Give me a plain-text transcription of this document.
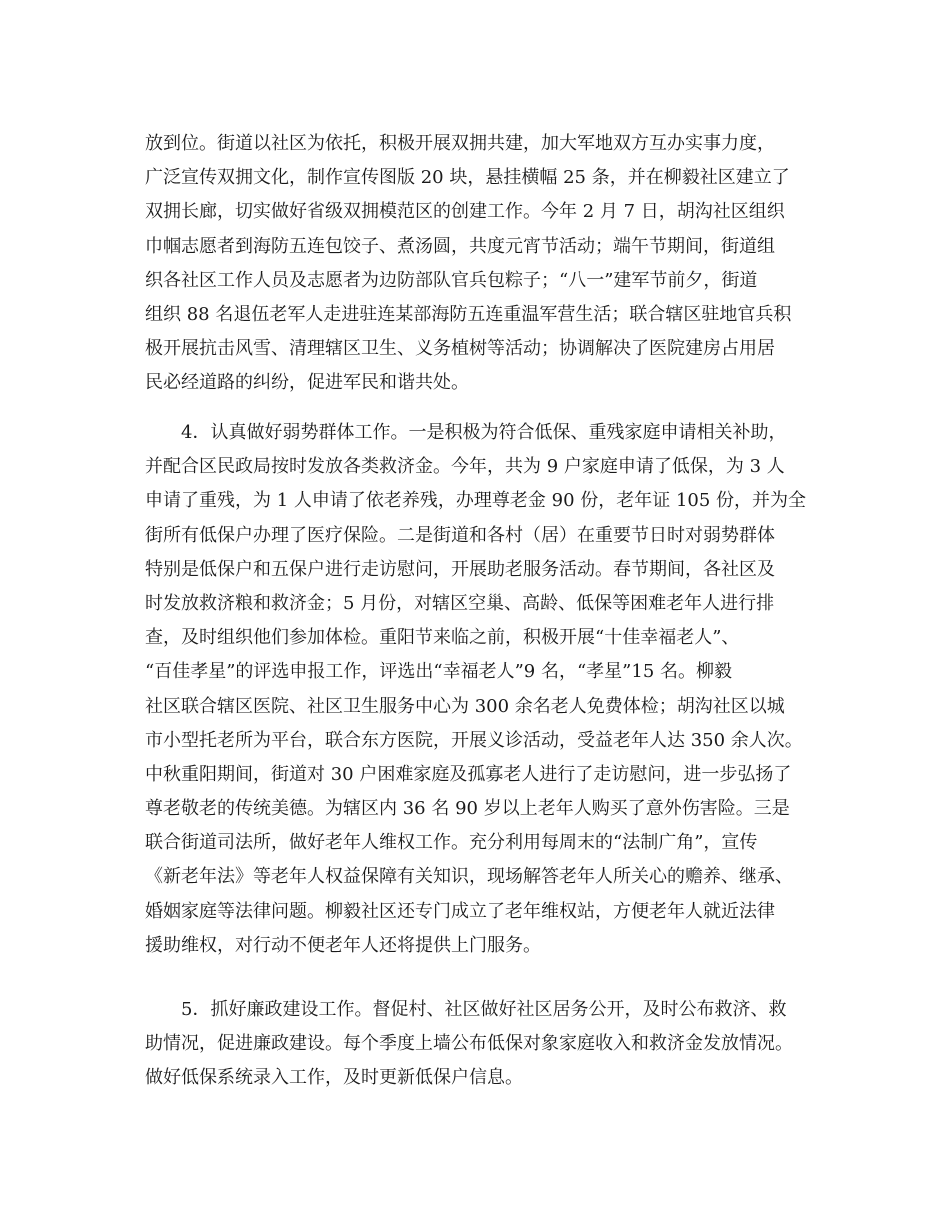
放到位。街道以社区为依托，积极开展双拥共建，加大军地双方互办实事力度，
广泛宣传双拥文化，制作宣传图版 20 块，悬挂横幅 25 条，并在柳毅社区建立了
双拥长廊，切实做好省级双拥模范区的创建工作。今年 2 月 7 日，胡沟社区组织
巾帼志愿者到海防五连包饺子、煮汤圆，共度元宵节活动；端午节期间，街道组
织各社区工作人员及志愿者为边防部队官兵包粽子；“八一”建军节前夕，街道
组织 88 名退伍老军人走进驻连某部海防五连重温军营生活；联合辖区驻地官兵积
极开展抗击风雪、清理辖区卫生、义务植树等活动；协调解决了医院建房占用居
民必经道路的纠纷，促进军民和谐共处。
4．认真做好弱势群体工作。一是积极为符合低保、重残家庭申请相关补助，
并配合区民政局按时发放各类救济金。今年，共为 9 户家庭申请了低保，为 3 人
申请了重残，为 1 人申请了依老养残，办理尊老金 90 份，老年证 105 份，并为全
街所有低保户办理了医疗保险。二是街道和各村（居）在重要节日时对弱势群体
特别是低保户和五保户进行走访慰问，开展助老服务活动。春节期间，各社区及
时发放救济粮和救济金；5 月份，对辖区空巢、高龄、低保等困难老年人进行排
查，及时组织他们参加体检。重阳节来临之前，积极开展“十佳幸福老人”、
“百佳孝星”的评选申报工作，评选出“幸福老人”9 名，“孝星”15 名。柳毅
社区联合辖区医院、社区卫生服务中心为 300 余名老人免费体检；胡沟社区以城
市小型托老所为平台，联合东方医院，开展义诊活动，受益老年人达 350 余人次。
中秋重阳期间，街道对 30 户困难家庭及孤寡老人进行了走访慰问，进一步弘扬了
尊老敬老的传统美德。为辖区内 36 名 90 岁以上老年人购买了意外伤害险。三是
联合街道司法所，做好老年人维权工作。充分利用每周末的“法制广角”，宣传
《新老年法》等老年人权益保障有关知识，现场解答老年人所关心的赡养、继承、
婚姻家庭等法律问题。柳毅社区还专门成立了老年维权站，方便老年人就近法律
援助维权，对行动不便老年人还将提供上门服务。
5．抓好廉政建设工作。督促村、社区做好社区居务公开，及时公布救济、救
助情况，促进廉政建设。每个季度上墙公布低保对象家庭收入和救济金发放情况。
做好低保系统录入工作，及时更新低保户信息。
